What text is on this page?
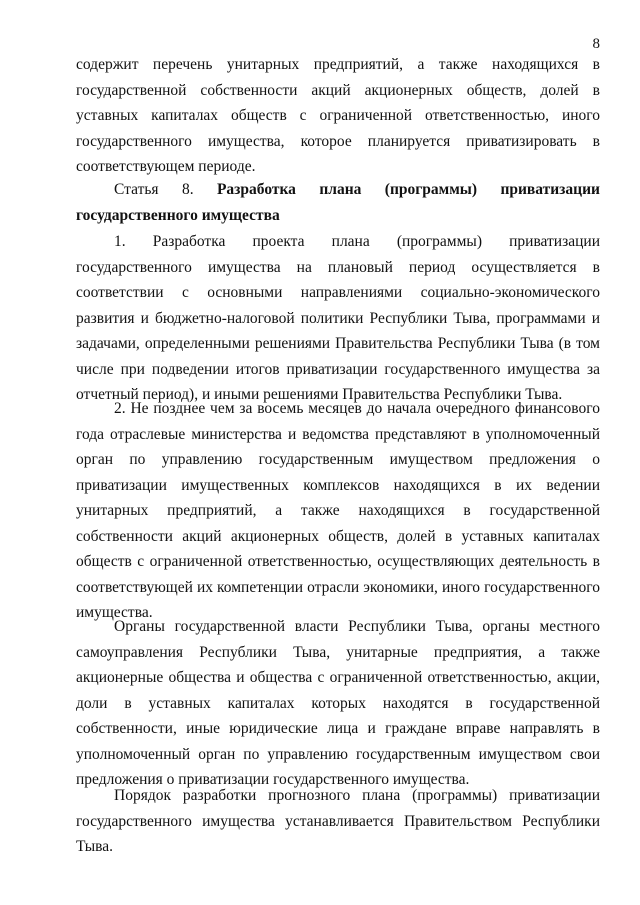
8

содержит перечень унитарных предприятий, а также находящихся в государственной собственности акций акционерных обществ, долей в уставных капиталах обществ с ограниченной ответственностью, иного государственного имущества, которое планируется приватизировать в соответствующем периоде.

Статья 8. Разработка плана (программы) приватизации
государственного имущества

1. Разработка проекта плана (программы) приватизации государственного имущества на плановый период осуществляется в соответствии с основными направлениями социально-экономического развития и бюджетно-налоговой политики Республики Тыва, программами и задачами, определенными решениями Правительства Республики Тыва (в том числе при подведении итогов приватизации государственного имущества за отчетный период), и иными решениями Правительства Республики Тыва.

2. Не позднее чем за восемь месяцев до начала очередного финансового года отраслевые министерства и ведомства представляют в уполномоченный орган по управлению государственным имуществом предложения о приватизации имущественных комплексов находящихся в их ведении унитарных предприятий, а также находящихся в государственной собственности акций акционерных обществ, долей в уставных капиталах обществ с ограниченной ответственностью, осуществляющих деятельность в соответствующей их компетенции отрасли экономики, иного государственного имущества.

Органы государственной власти Республики Тыва, органы местного самоуправления Республики Тыва, унитарные предприятия, а также акционерные общества и общества с ограниченной ответственностью, акции, доли в уставных капиталах которых находятся в государственной собственности, иные юридические лица и граждане вправе направлять в уполномоченный орган по управлению государственным имуществом свои предложения о приватизации государственного имущества.

Порядок разработки прогнозного плана (программы) приватизации государственного имущества устанавливается Правительством Республики Тыва.
